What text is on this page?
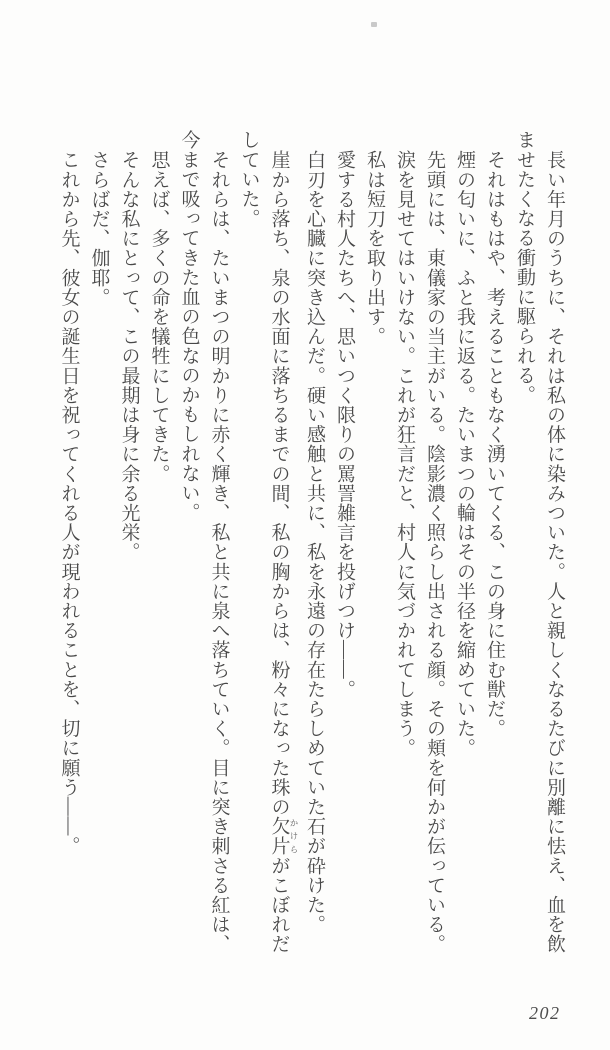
長い年月のうちに、それは私の体に染みついた。人と親しくなるたびに別離に怯え、血を飲

ませたくなる衝動に駆られる。

それはもはや、考えることもなく湧いてくる、この身に住む獣だ。

煙の匂いに、ふと我に返る。たいまつの輪はその半径を縮めていた。

先頭には、東儀家の当主がいる。陰影濃く照らし出される顔。その頬を何かが伝っている。

涙を見せてはいけない。これが狂言だと、村人に気づかれてしまう。

私は短刀を取り出す。

愛する村人たちへ、思いつく限りの罵詈雑言を投げつけ――。

白刃を心臓に突き込んだ。硬い感触と共に、私を永遠の存在たらしめていた石が砕けた。

崖から落ち、泉の水面に落ちるまでの間、私の胸からは、粉々になった珠の欠片 かけらがこぼれだ

していた。

それらは、たいまつの明かりに赤く輝き、私と共に泉へ落ちていく。目に突き刺さる紅は、

今まで吸ってきた血の色なのかもしれない。

思えば、多くの命を犠牲にしてきた。

そんな私にとって、この最期は身に余る光栄。

さらばだ、伽耶。

これから先、彼女の誕生日を祝ってくれる人が現われることを、切に願う――。

202
